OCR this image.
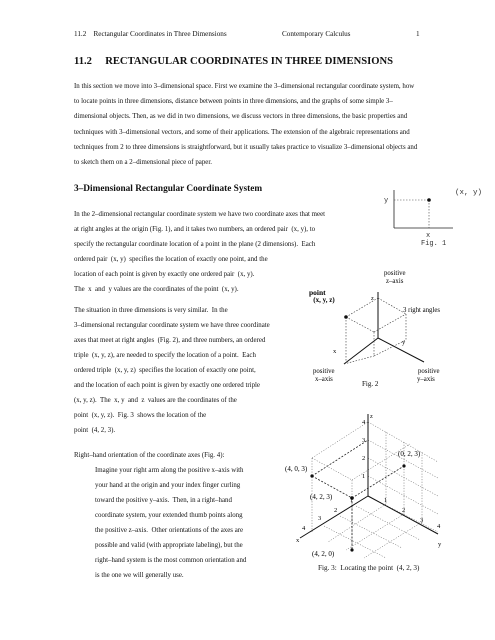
11.2    Rectangular Coordinates in Three Dimensions	Contemporary Calculus	1
11.2     RECTANGULAR COORDINATES IN THREE DIMENSIONS
In this section we move into 3–dimensional space. First we examine the 3–dimensional rectangular coordinate system, how to locate points in three dimensions, distance between points in three dimensions, and the graphs of some simple 3–dimensional objects. Then, as we did in two dimensions, we discuss vectors in three dimensions, the basic properties and techniques with 3–dimensional vectors, and some of their applications. The extension of the algebraic representations and techniques from 2 to three dimensions is straightforward, but it usually takes practice to visualize 3–dimensional objects and to sketch them on a 2–dimensional piece of paper.
3–Dimensional Rectangular Coordinate System
In the 2–dimensional rectangular coordinate system we have two coordinate axes that meet
at right angles at the origin (Fig. 1), and it takes two numbers, an ordered pair  (x, y), to
specify the rectangular coordinate location of a point in the plane (2 dimensions).  Each
ordered pair  (x, y)  specifies the location of exactly one point, and the
location of each point is given by exactly one ordered pair  (x, y).
The  x  and  y values are the coordinates of the point  (x, y).
The situation in three dimensions is very similar.  In the
3–dimensional rectangular coordinate system we have three coordinate
axes that meet at right angles  (Fig. 2), and three numbers, an ordered
triple  (x, y, z), are needed to specify the location of a point.  Each
ordered triple  (x, y, z)  specifies the location of exactly one point,
and the location of each point is given by exactly one ordered triple
(x, y, z).  The  x, y  and  z  values are the coordinates of the
point  (x, y, z).  Fig. 3  shows the location of the
point  (4, 2, 3).
Right–hand orientation of the coordinate axes (Fig. 4):
Imagine your right arm along the positive x–axis with
your hand at the origin and your index finger curling
toward the positive y–axis.  Then, in a right–hand
coordinate system, your extended thumb points along
the positive z–axis.  Other orientations of the axes are
possible and valid (with appropriate labeling), but the
right–hand system is the most common orientation and
is the one we will generally use.
(x, y)
y
x
Fig. 1
point
(x, y, z)	z
positive
z–axis
3 right angles
y
x
positive
x–axis
positive
y–axis
Fig. 2
z
4
3
2
1
1
2
3
4
1
2
3
4
y
x
(4, 0, 3)
(4, 2, 3)
(0, 2, 3)
(4, 2, 0)
Fig. 3:  Locating the point  (4, 2, 3)
